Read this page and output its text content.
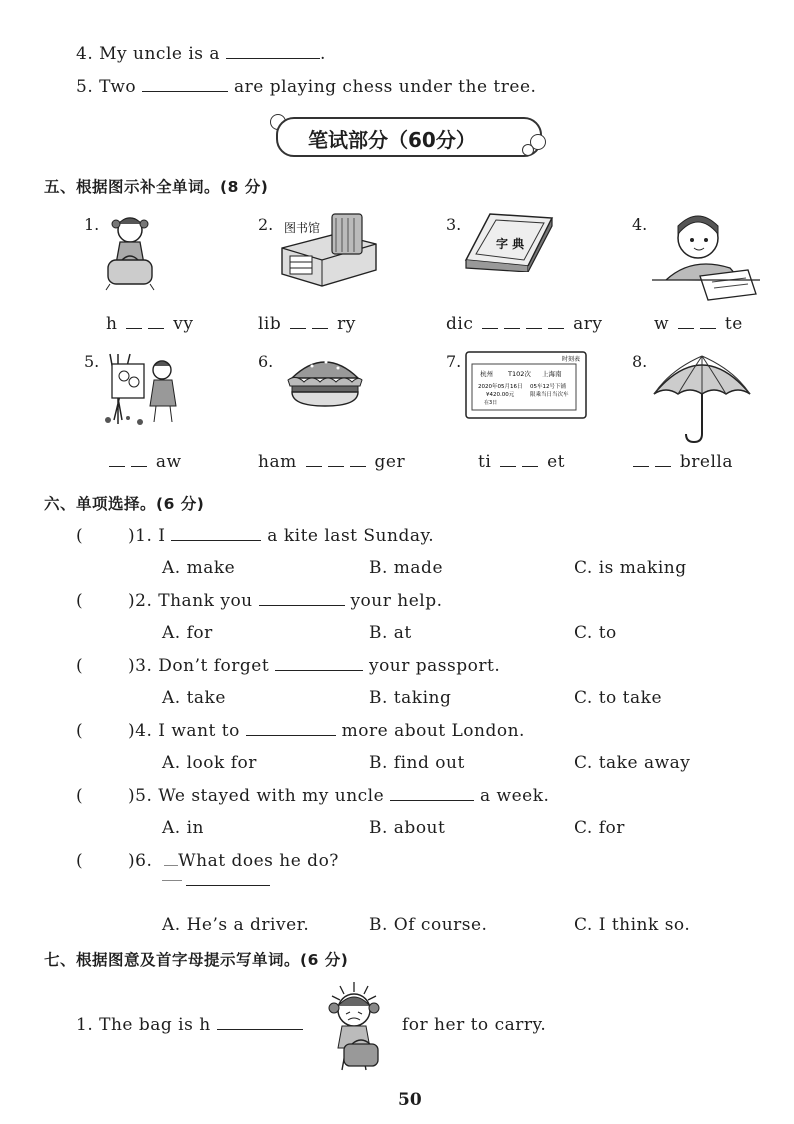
4. My uncle is a	.
5. Two	are playing chess under the tree.
笔试部分（60分）
五、根据图示补全单词。(8 分)
1.	2. 图书馆	3.
字 典
4.
h	vy	lib	ry	dic	ary	w	te
5.	6.	7.	时刻表
杭州 T102次 上海南
2020年05月16日 05车12号下铺
¥420.00元	限乘当日当次车
在3日
8.
aw	ham	ger	ti	et	brella
六、单项选择。(6 分)
(	)1. I	a kite last Sunday.
A. make	B. made	C. is making
(	)2. Thank you	your help.
A. for	B. at	C. to
(	)3. Don’t forget	your passport.
A. take	B. taking	C. to take
(	)4. I want to	more about London.
A. look for	B. find out	C. take away
(	)5. We stayed with my uncle	a week.
A. in	B. about	C. for
(	)6. What does he do?
A. He’s a driver.	B. Of course.	C. I think so.
七、根据图意及首字母提示写单词。(6 分)
1. The bag is h	for her to carry.
50
